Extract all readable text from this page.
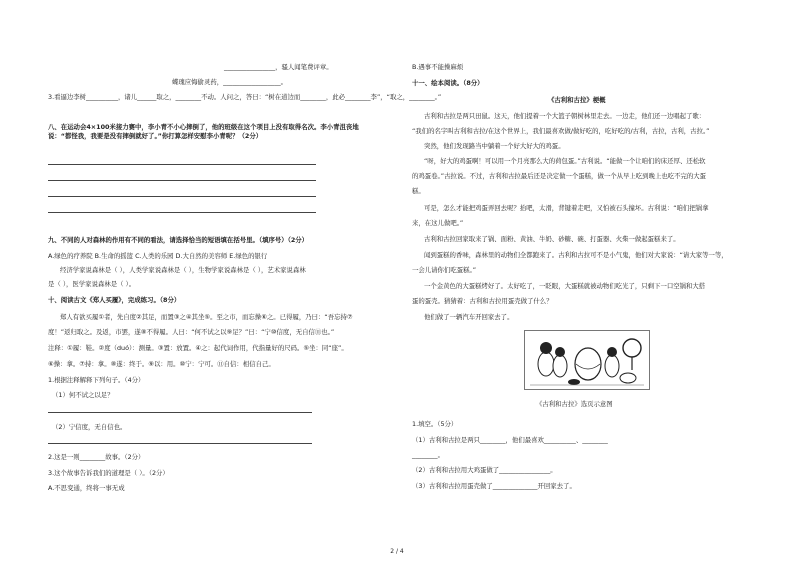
________________，骚人闻笔费评章。
蝶瑰应悔偷灵药，__________________。
3.看逼边李树__________，诸儿______取之，________不动。人问之，答曰：“树在道边而________，此必________李”，“取之，________。”
八、在运动会4×100米接力赛中，李小青不小心摔倒了，他的班级在这个项目上没有取得名次。李小青沮丧地说：“都怪我，我要是没有摔倒就好了。”你打算怎样安慰李小青呢？（2分）
九、不同的人对森林的作用有不同的看法，请选择恰当的短语填在括号里。（填序号）（2分）
A.绿色的疗养院 B.生命的摇篮 C.人类的乐园 D.大自然的美容师 E.绿色的银行
经济学家说森林是（ ），人类学家说森林是（ ），生物学家说森林是（ ），艺术家说森林
是（ ），医学家说森林是（ ）。
十、阅读古文《郑人买履》，完成练习。（8分）
郑人有欲买履①者，先自度②其足，而置③之④其坐⑤。至之市，而忘操⑥之。已得履，乃曰：“吾忘持⑦
度！”返归取之。及返，市罢，遂⑧不得履。人曰：“何不试之以⑨足？”曰：“宁⑩信度，无自信⑪也。”
注释：①履：鞋。②度（duó）：测量。③置：放置。④之：起代词作用，代指量好的尺码。⑤坐：同“座”。
⑥操：拿。⑦持：拿。⑧遂：终于。⑨以：用。⑩宁：宁可。⑪自信：相信自己。
1.根据注释解释下列句子。（4分）
（1）何不试之以足？
（2）宁信度，无自信也。
2.这是一则________故事。（2分）
3.这个故事告诉我们的道理是（ ）。（2分）
A.不思变通，终将一事无成
B.遇事不能操麻烦
十一、绘本阅读。（8分）
《古利和古拉》梗概
古利和古拉是两只田鼠。这天，他们提着一个大篮子朝树林里走去。一边走，他们还一边唱起了歌：
“我们的名字叫古利和古拉/在这个世界上，我们最喜欢做/做好吃的，吃好吃的/古利，古拉，古利，古拉。”
突然，他们发现路当中躺着一个好大好大的鸡蛋。
“呀，好大的鸡蛋啊！可以用一个月亮那么大的荷包蛋。”古利说。“能做一个让咱们的床还厚、还松软
的鸡蛋卷。”古拉说。不过，古利和古拉最后还是决定做一个蛋糕，做一个从早上吃到晚上也吃不完的大蛋
糕。
可是，怎么才能把鸡蛋弄回去呢？抬吧，太滑，背键着走吧，又怕被石头撞坏。古利说：“咱们把锅拿
来，在这儿做吧。”
古利和古拉回家取来了锅、面粉、黄油、牛奶、砂糖、碗、打蛋器、火柴一做起蛋糕来了。
闻到蛋糕的香味，森林里的动物们全都跑来了。古利和古拉可不是小气鬼，他们对大家说：“请大家等一等，
一会儿请你们吃蛋糕。”
一个金黄色的大蛋糕烤好了。太好吃了，一眨眼，大蛋糕就被动物们吃光了，只剩下一口空锅和大搭
蛋的蛋壳。猜猜着：古利和古拉用蛋壳做了什么？
他们做了一辆汽车开回家去了。
《古利和古拉》选页示意图
1.填空。（5分）
（1）古利和古拉是两只________，他们最喜欢__________、________
________。
（2）古利和古拉用大鸡蛋做了________________。
（3）古利和古拉用蛋壳做了______________开回家去了。
2 / 4
